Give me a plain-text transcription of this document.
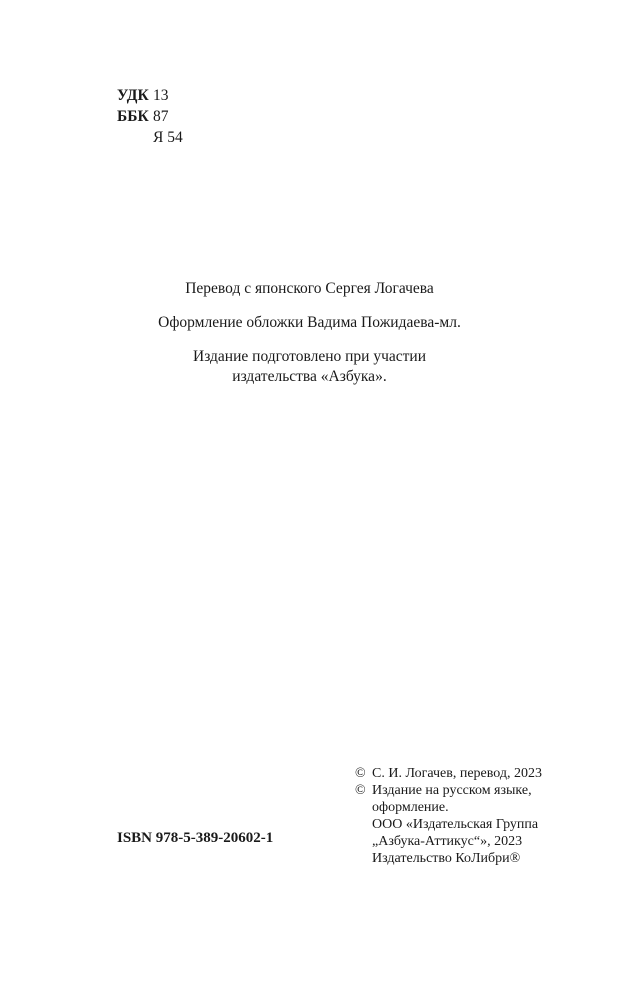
УДК 13
ББК 87
Я 54

Перевод с японского Сергея Логачева

Оформление обложки Вадима Пожидаева-мл.

Издание подготовлено при участии

издательства «Азбука».

© С. И. Логачев, перевод, 2023
© Издание на русском языке,
оформление.
ООО «Издательская Группа
„Азбука-Аттикус“», 2023
Издательство КоЛибри®
ISBN 978-5-389-20602-1
